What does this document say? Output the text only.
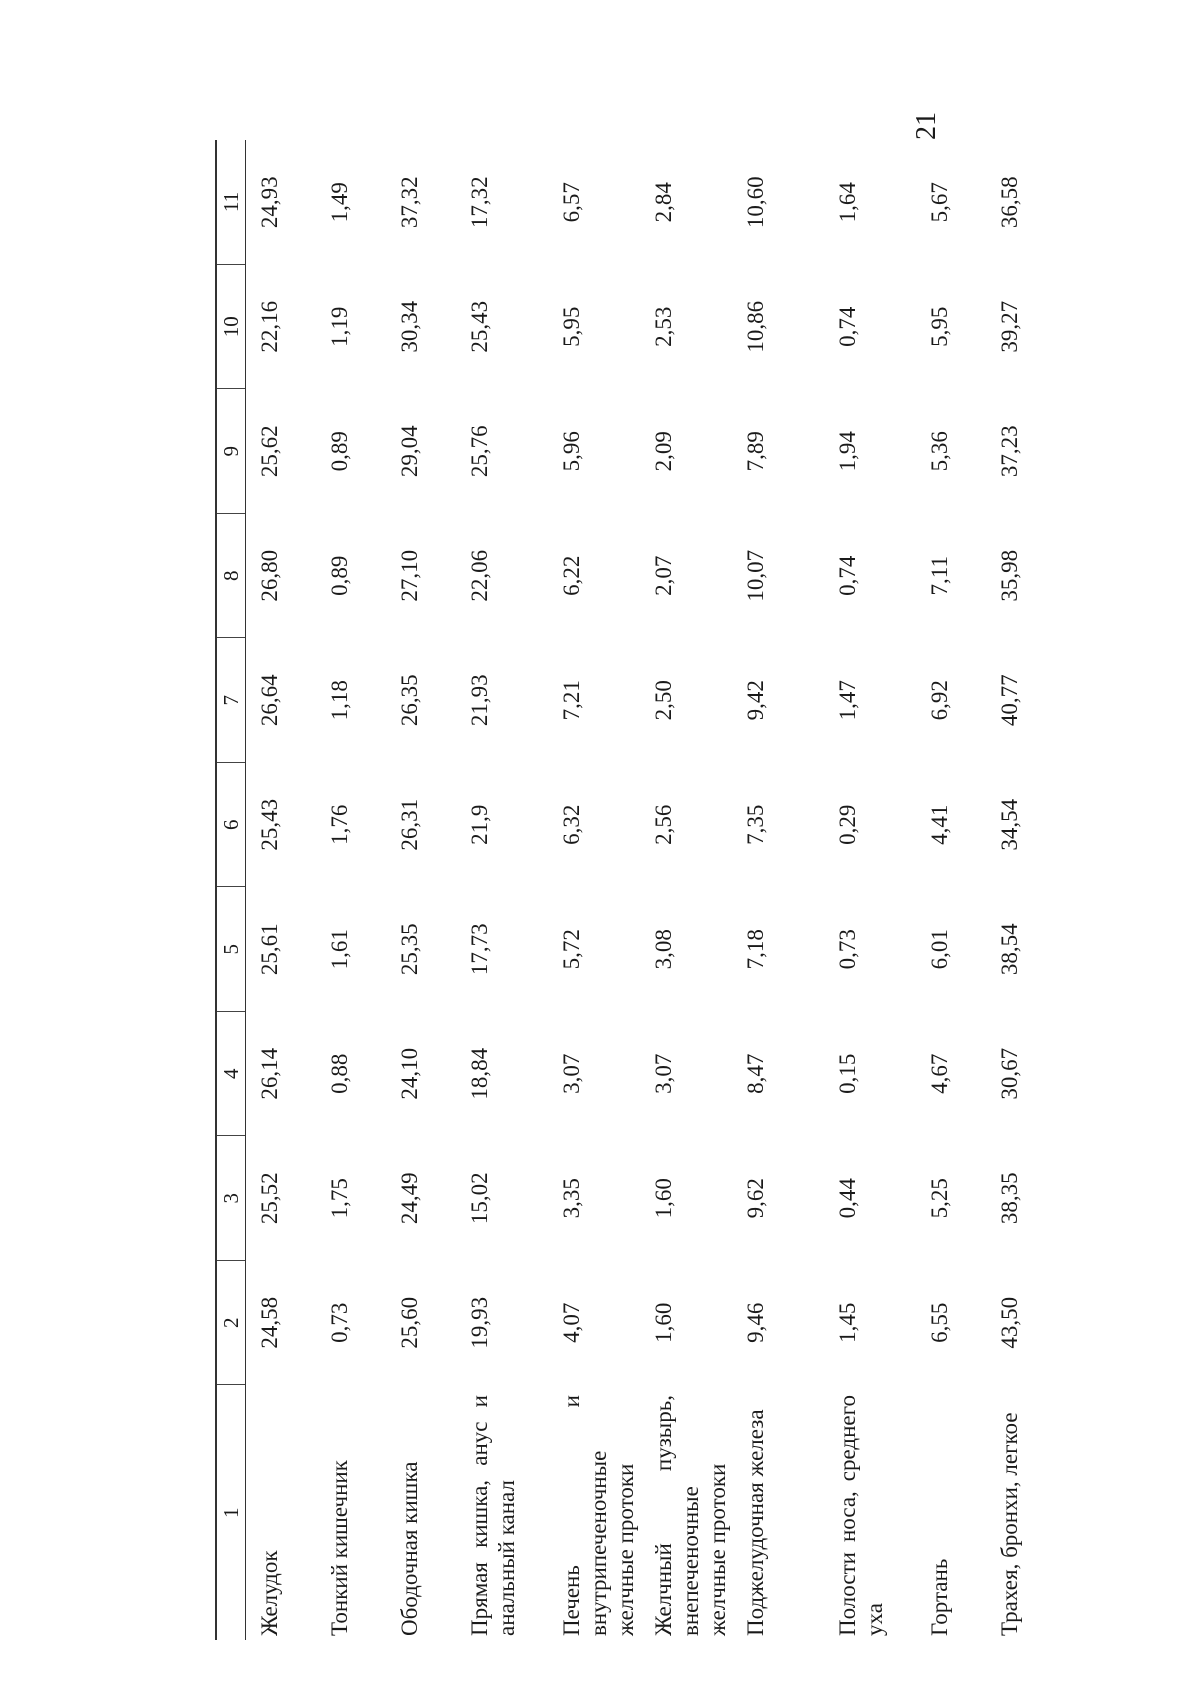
21
1	2	3	4	5	6	7	8	9	10	11
Желудок	24,58	25,52	26,14	25,61	25,43	26,64	26,80	25,62	22,16	24,93
Тонкий кишечник	0,73	1,75	0,88	1,61	1,76	1,18	0,89	0,89	1,19	1,49
Ободочная кишка	25,60	24,49	24,10	25,35	26,31	26,35	27,10	29,04	30,34	37,32
Прямая кишка, анус и анальный канал	19,93	15,02	18,84	17,73	21,9	21,93	22,06	25,76	25,43	17,32
Печень и внутрипеченочные желчные протоки	4,07	3,35	3,07	5,72	6,32	7,21	6,22	5,96	5,95	6,57
Желчный пузырь, внепеченочные желчные протоки	1,60	1,60	3,07	3,08	2,56	2,50	2,07	2,09	2,53	2,84
Поджелудочная железа	9,46	9,62	8,47	7,18	7,35	9,42	10,07	7,89	10,86	10,60
Полости носа, среднего уха	1,45	0,44	0,15	0,73	0,29	1,47	0,74	1,94	0,74	1,64
Гортань	6,55	5,25	4,67	6,01	4,41	6,92	7,11	5,36	5,95	5,67
Трахея, бронхи, легкое	43,50	38,35	30,67	38,54	34,54	40,77	35,98	37,23	39,27	36,58
